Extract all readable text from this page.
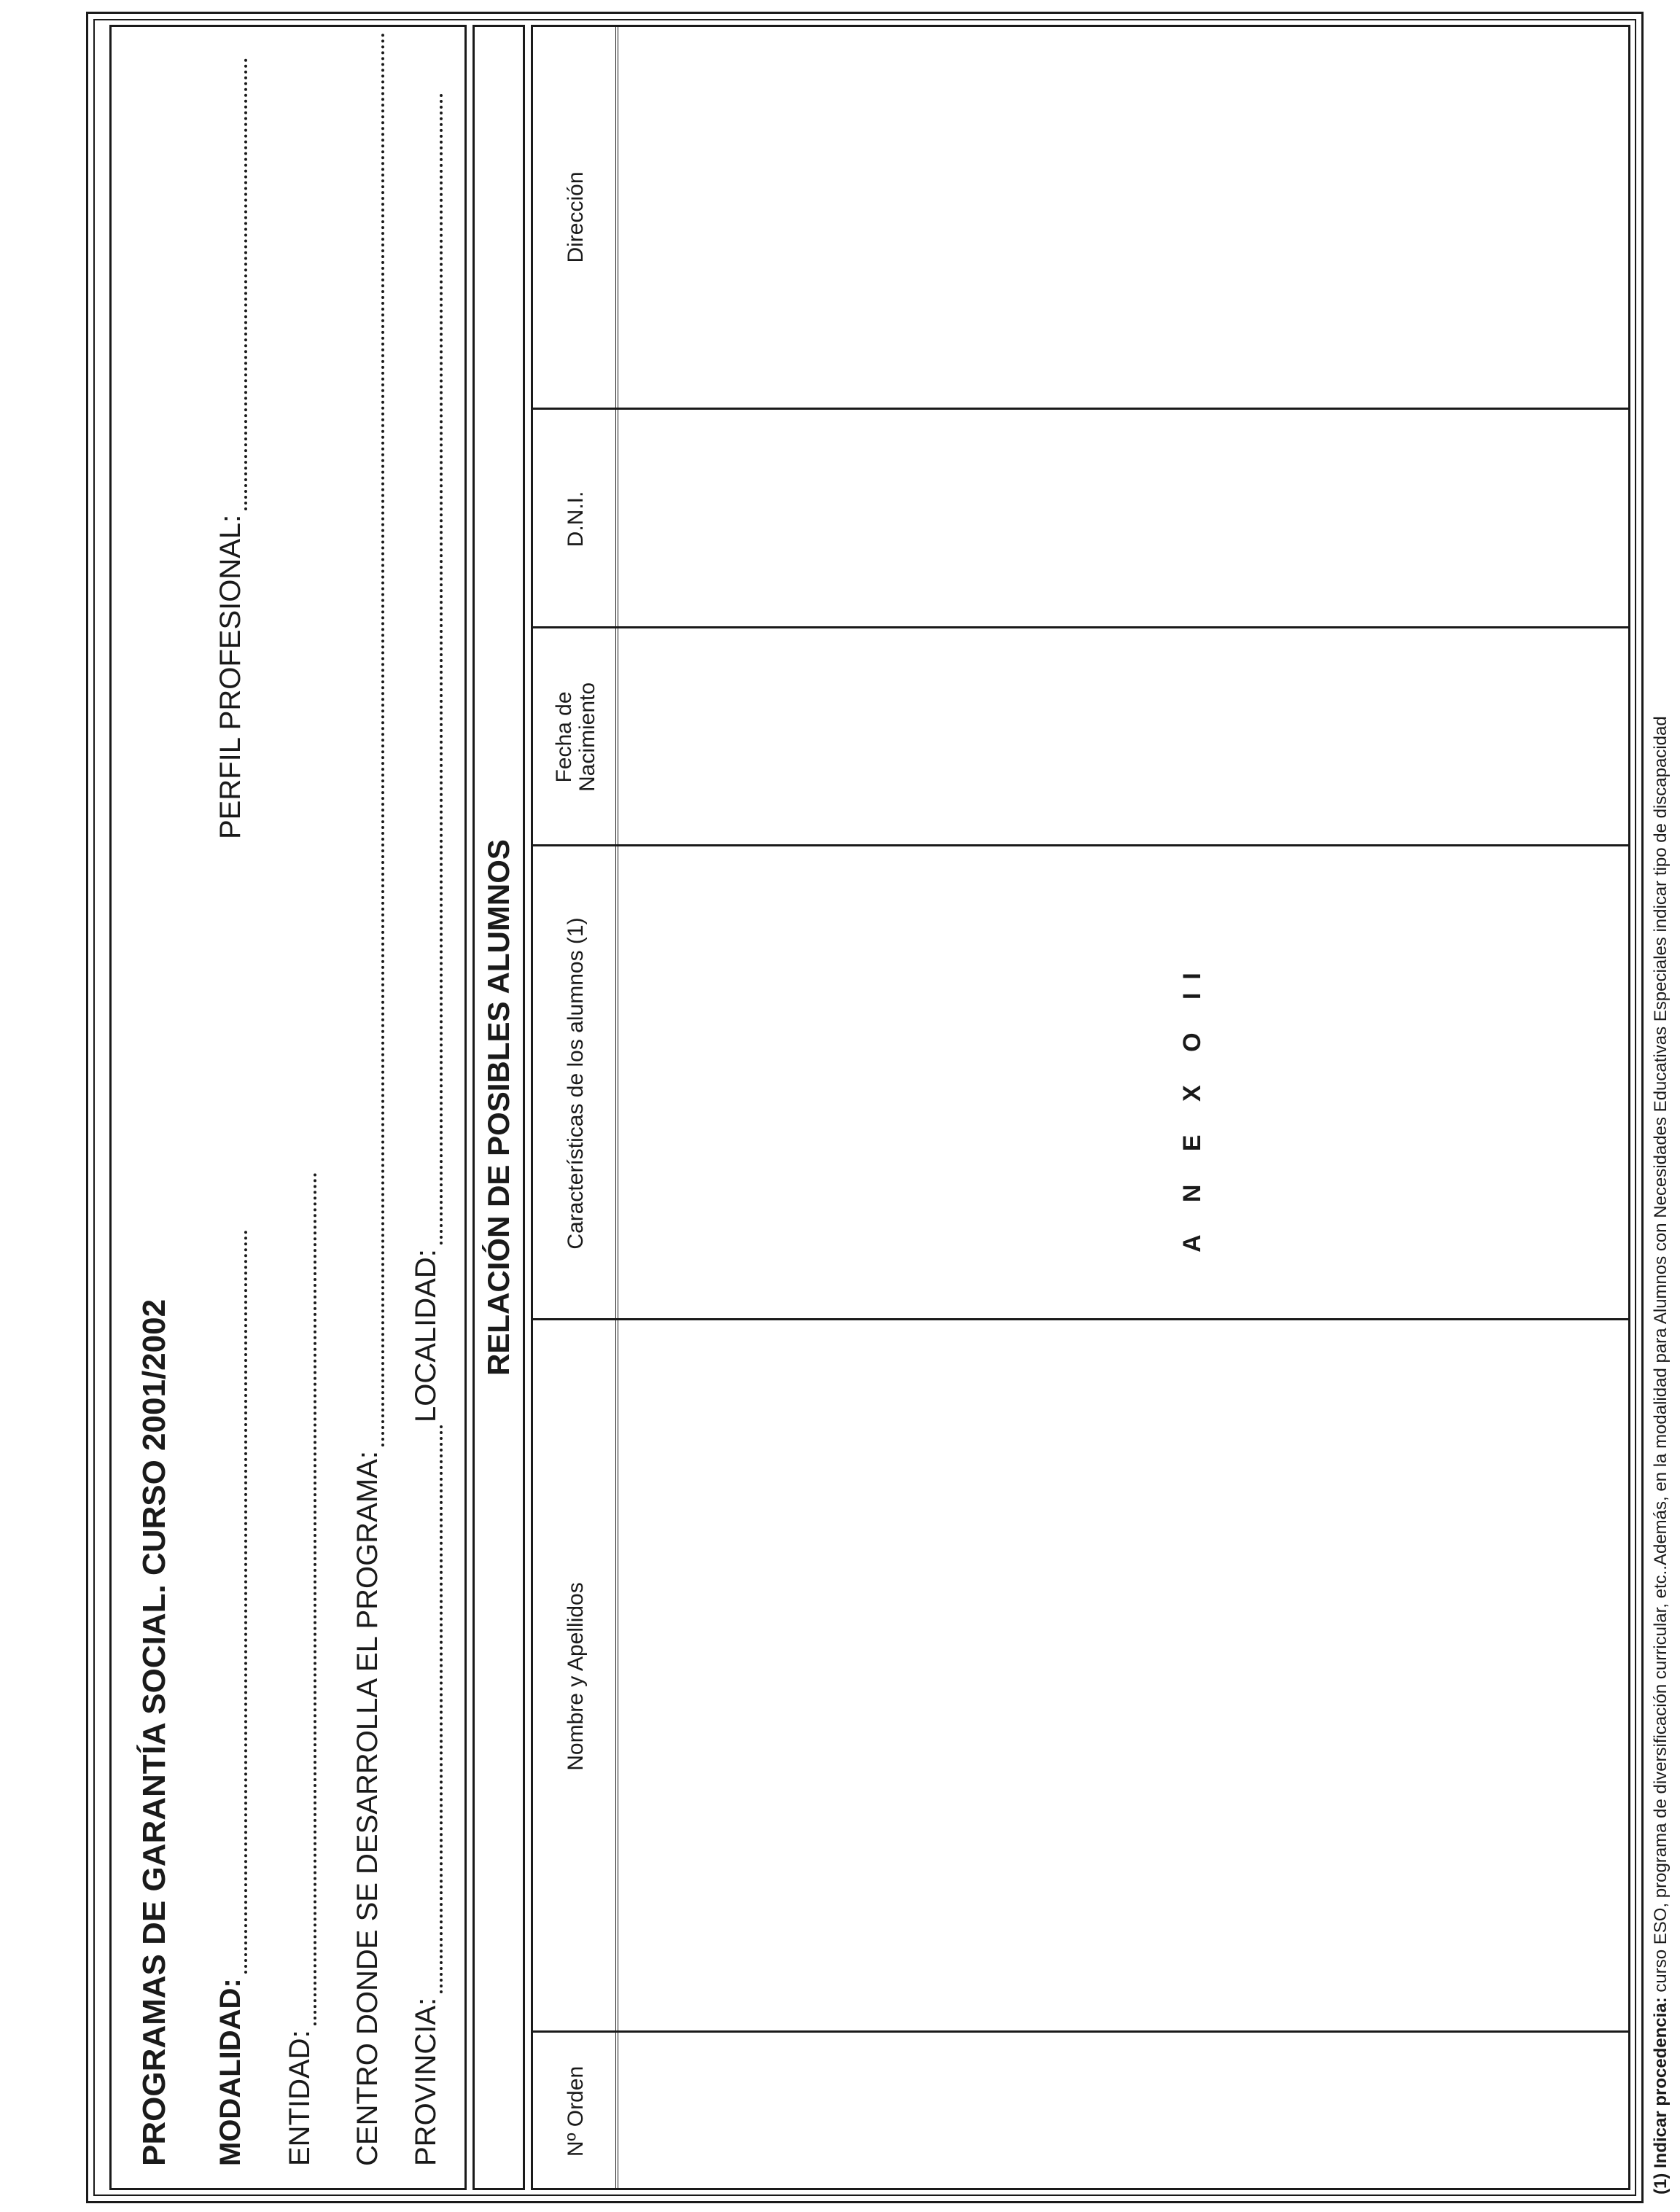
A N E X O II
PROGRAMAS DE GARANTÍA SOCIAL. CURSO 2001/2002 MODALIDAD:
PERFIL PROFESIONAL:
ENTIDAD: CENTRO DONDE SE DESARROLLA EL PROGRAMA: PROVINCIA:
LOCALIDAD: RELACIÓN DE POSIBLES ALUMNOS
Nº Orden
Nombre y Apellidos
Características de los alumnos (1)
Fecha de Nacimiento
D.N.I.
Dirección
(1) Indicar procedencia: curso ESO, programa de diversificación curricular, etc..Además, en la modalidad para Alumnos con Necesidades Educativas Especiales indicar tipo de discapacidad
